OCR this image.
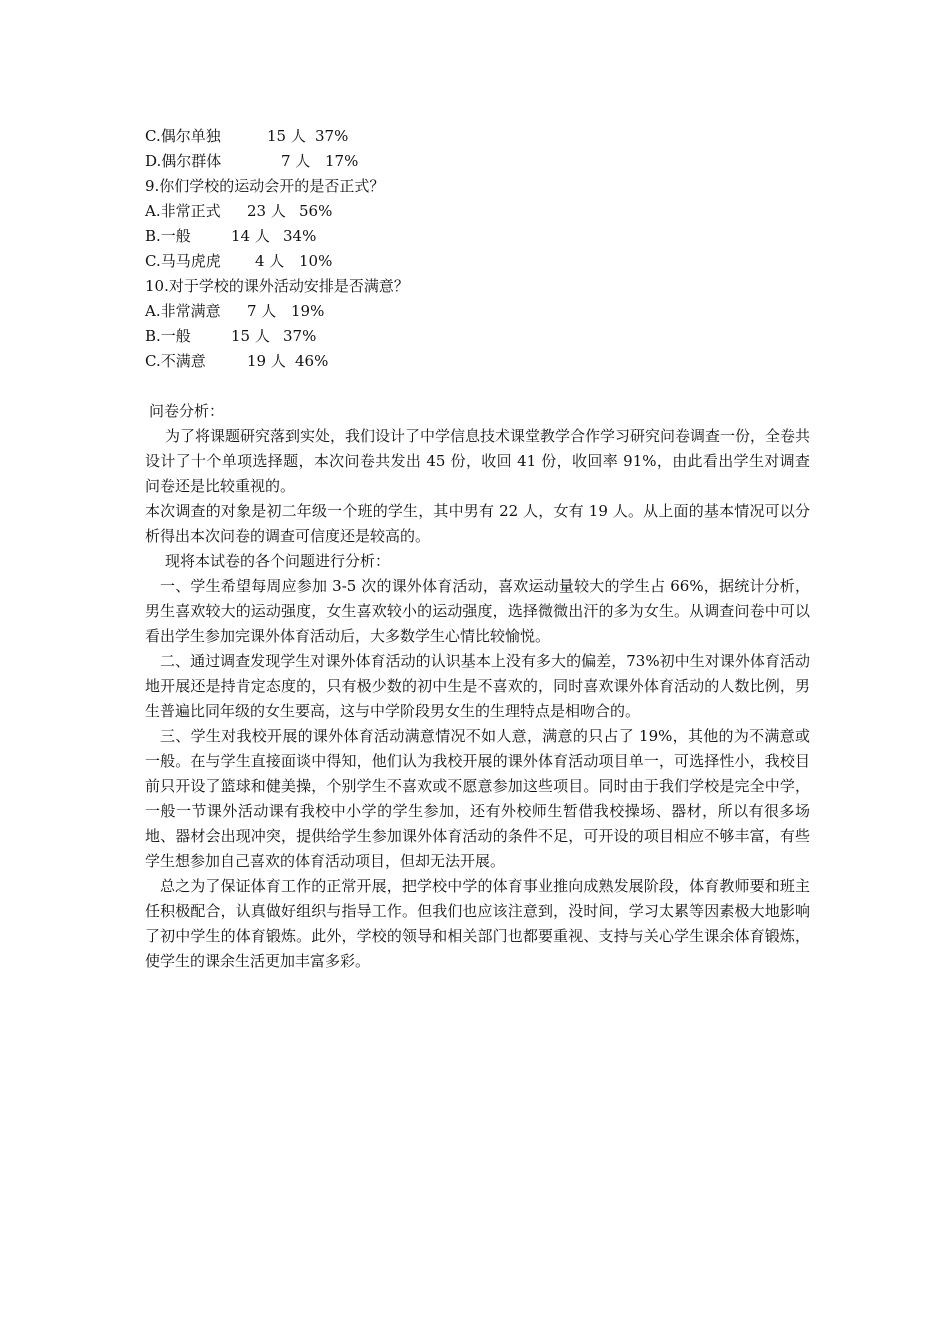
C.偶尔单独	15 人 37%
D.偶尔群体	7 人 17%
9.你们学校的运动会开的是否正式？
A.非常正式	23 人 56%
B.一般	14 人 34%
C.马马虎虎	4 人 10%
10.对于学校的课外活动安排是否满意？
A.非常满意	7 人 19%
B.一般	15 人 37%
C.不满意	19 人 46%
问卷分析：

为了将课题研究落到实处，我们设计了中学信息技术课堂教学合作学习研究问卷调查一份，全卷共设计了十个单项选择题，本次问卷共发出 45 份，收回 41 份，收回率 91%，由此看出学生对调查问卷还是比较重视的。

本次调查的对象是初二年级一个班的学生，其中男有 22 人，女有 19 人。从上面的基本情况可以分析得出本次问卷的调查可信度还是较高的。

现将本试卷的各个问题进行分析：

一、学生希望每周应参加 3-5 次的课外体育活动，喜欢运动量较大的学生占 66%，据统计分析，男生喜欢较大的运动强度，女生喜欢较小的运动强度，选择微微出汗的多为女生。从调查问卷中可以看出学生参加完课外体育活动后，大多数学生心情比较愉悦。

二、通过调查发现学生对课外体育活动的认识基本上没有多大的偏差，73%初中生对课外体育活动地开展还是持肯定态度的，只有极少数的初中生是不喜欢的，同时喜欢课外体育活动的人数比例，男生普遍比同年级的女生要高，这与中学阶段男女生的生理特点是相吻合的。

三、学生对我校开展的课外体育活动满意情况不如人意，满意的只占了 19%，其他的为不满意或一般。在与学生直接面谈中得知，他们认为我校开展的课外体育活动项目单一，可选择性小，我校目前只开设了篮球和健美操，个别学生不喜欢或不愿意参加这些项目。同时由于我们学校是完全中学，一般一节课外活动课有我校中小学的学生参加，还有外校师生暂借我校操场、器材，所以有很多场地、器材会出现冲突，提供给学生参加课外体育活动的条件不足，可开设的项目相应不够丰富，有些学生想参加自己喜欢的体育活动项目，但却无法开展。

总之为了保证体育工作的正常开展，把学校中学的体育事业推向成熟发展阶段，体育教师要和班主任积极配合，认真做好组织与指导工作。但我们也应该注意到，没时间，学习太累等因素极大地影响了初中学生的体育锻炼。此外，学校的领导和相关部门也都要重视、支持与关心学生课余体育锻炼，使学生的课余生活更加丰富多彩。
